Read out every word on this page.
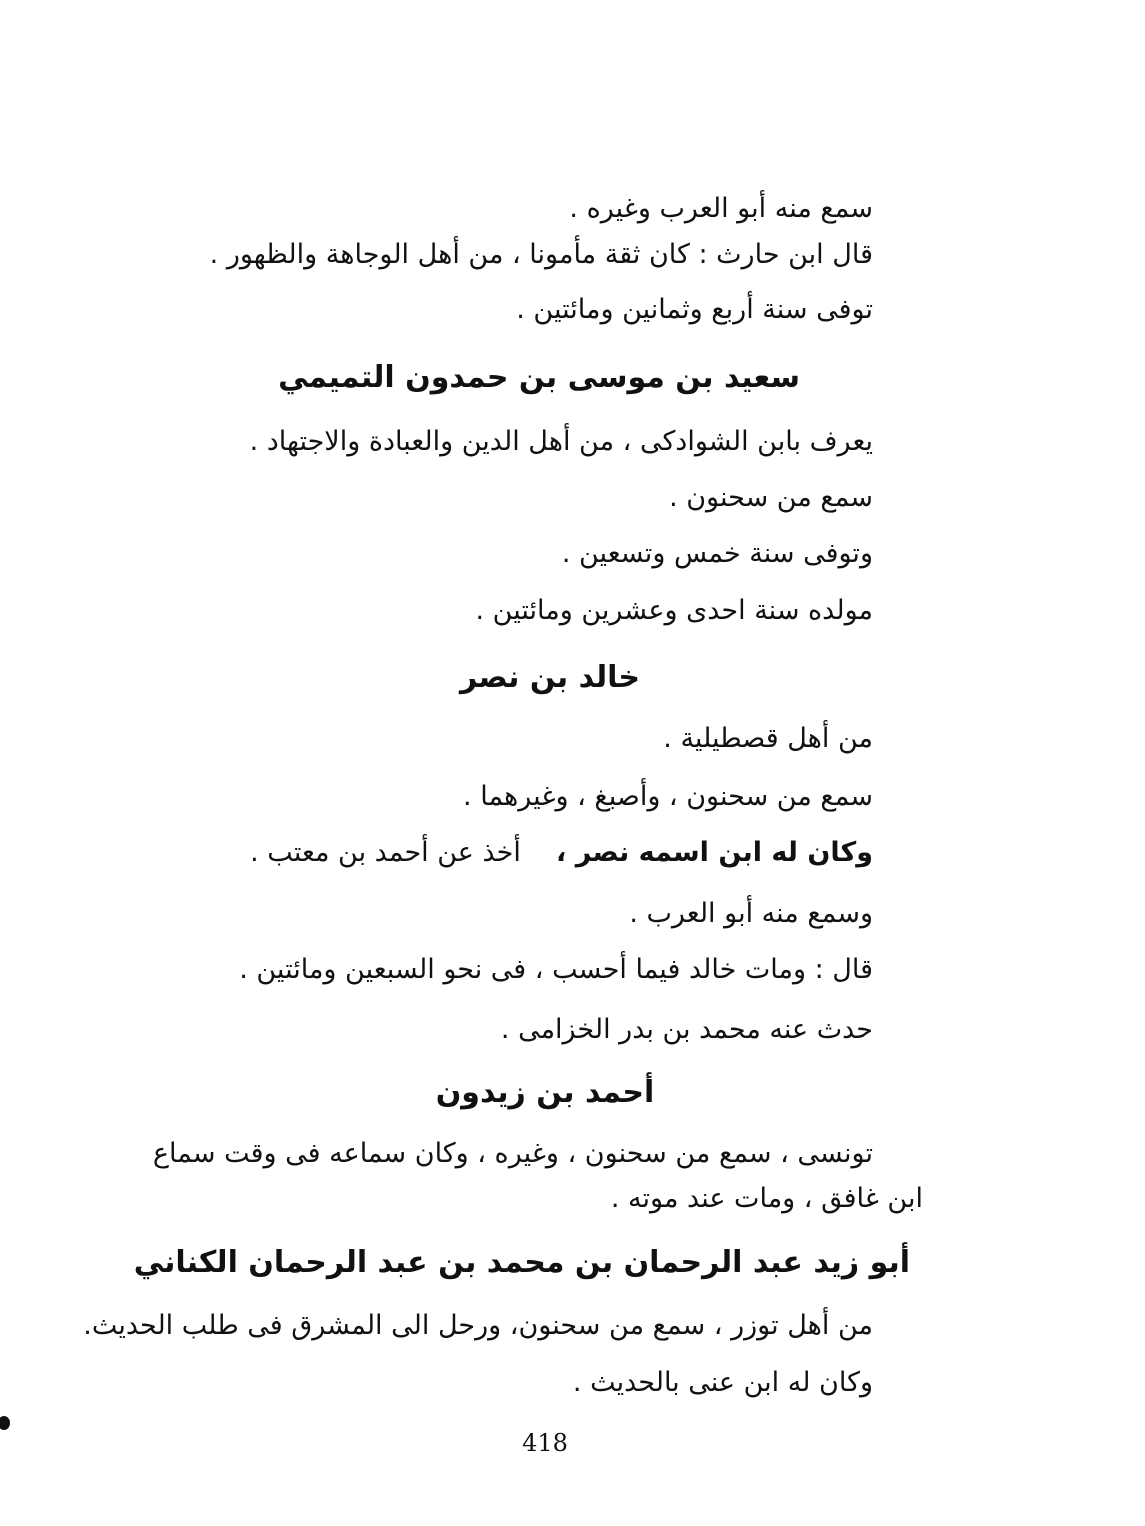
سمع منه أبو العرب وغيره .

قال ابن حارث : كان ثقة مأمونا ، من أهل الوجاهة والظهور .

توفى سنة أربع وثمانين ومائتين .

سعيد بن موسى بن حمدون التميمي

يعرف بابن الشوادكى ، من أهل الدين والعبادة والاجتهاد .

سمع من سحنون .

وتوفى سنة خمس وتسعين .

مولده سنة احدى وعشرين ومائتين .

خالد بن نصر

من أهل قصطيلية .

سمع من سحنون ، وأصبغ ، وغيرهما .

وكان له ابن اسمه نصر ،  أخذ عن أحمد بن معتب .

وسمع منه أبو العرب .

قال : ومات خالد فيما أحسب ، فى نحو السبعين ومائتين .

حدث عنه محمد بن بدر الخزامى .

أحمد بن زيدون

تونسى ، سمع من سحنون ، وغيره ، وكان سماعه فى وقت سماع

ابن غافق ، ومات عند موته .

أبو زيد عبد الرحمان بن محمد بن عبد الرحمان الكناني

من أهل توزر ، سمع من سحنون، ورحل الى المشرق فى طلب الحديث.

وكان له ابن عنى بالحديث .

418
